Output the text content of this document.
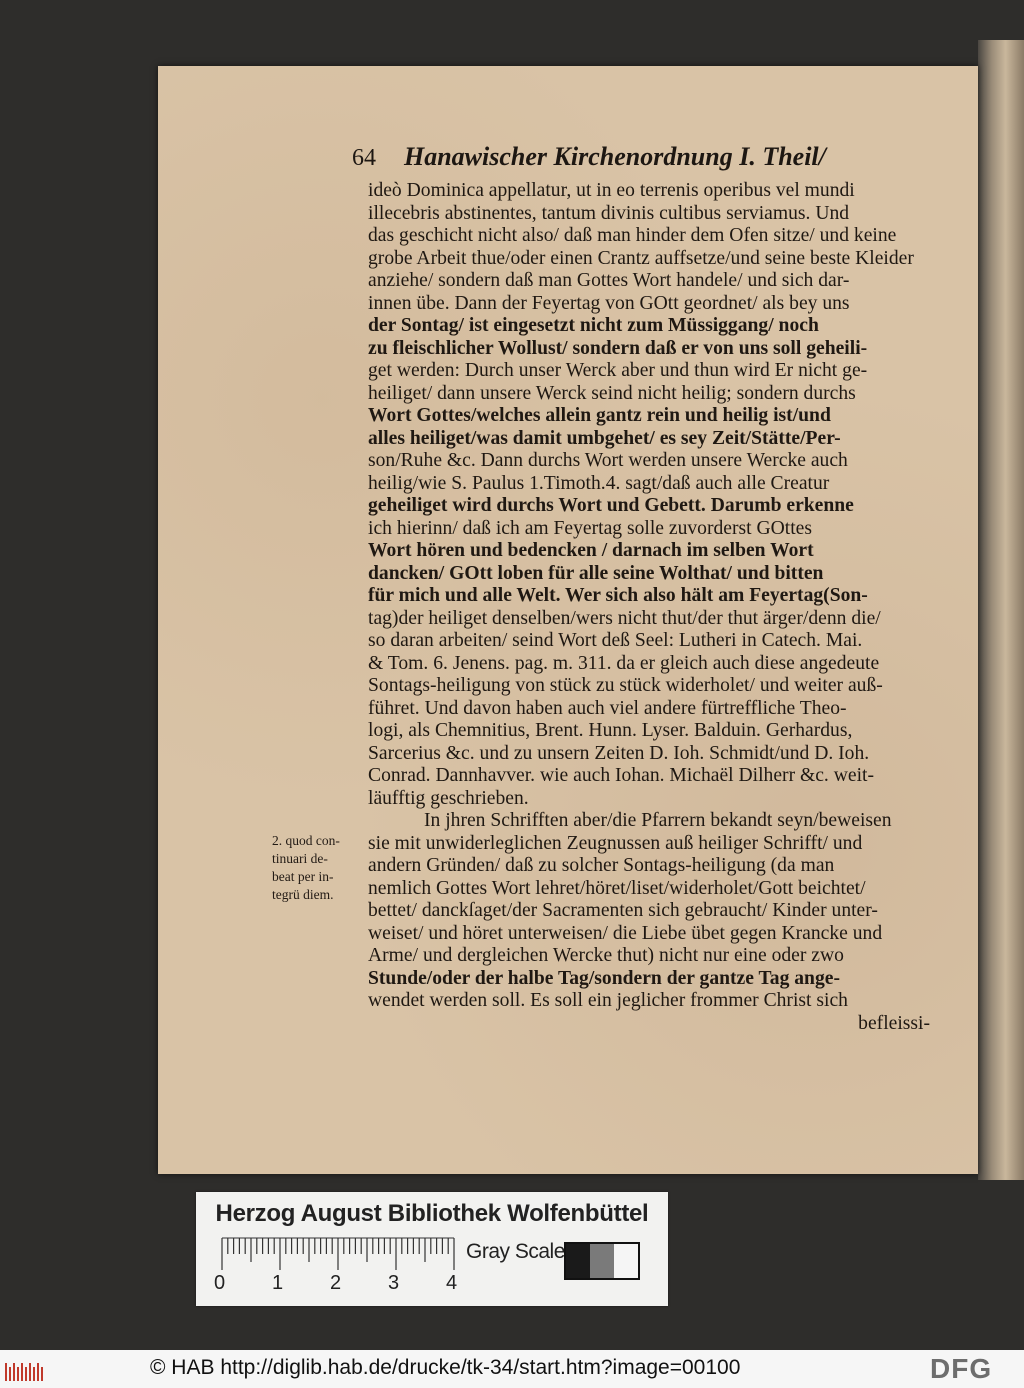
64 Hanawischer Kirchenordnung I. Theil/
ideò Dominica appellatur, ut in eo terrenis operibus vel mundi
illecebris abstinentes, tantum divinis cultibus serviamus. Und
das geschicht nicht also/ daß man hinder dem Ofen sitze/ und keine
grobe Arbeit thue/oder einen Crantz auffsetze/und seine beste Kleider
anziehe/ sondern daß man Gottes Wort handele/ und sich dar-
innen übe. Dann der Feyertag von GOtt geordnet/ als bey uns
der Sontag/ ist eingesetzt nicht zum Müssiggang/ noch
zu fleischlicher Wollust/ sondern daß er von uns soll geheili-
get werden: Durch unser Werck aber und thun wird Er nicht ge-
heiliget/ dann unsere Werck seind nicht heilig; sondern durchs
Wort Gottes/welches allein gantz rein und heilig ist/und
alles heiliget/was damit umbgehet/ es sey Zeit/Stätte/Per-
son/Ruhe &c. Dann durchs Wort werden unsere Wercke auch
heilig/wie S. Paulus 1.Timoth.4. sagt/daß auch alle Creatur
geheiliget wird durchs Wort und Gebett. Darumb erkenne
ich hierinn/ daß ich am Feyertag solle zuvorderst GOttes
Wort hören und bedencken / darnach im selben Wort
dancken/ GOtt loben für alle seine Wolthat/ und bitten
für mich und alle Welt. Wer sich also hält am Feyertag(Son-
tag)der heiliget denselben/wers nicht thut/der thut ärger/denn die/
so daran arbeiten/ seind Wort deß Seel: Lutheri in Catech. Mai.
& Tom. 6. Jenens. pag. m. 311. da er gleich auch diese angedeute
Sontags-heiligung von stück zu stück widerholet/ und weiter auß-
führet. Und davon haben auch viel andere fürtreffliche Theo-
logi, als Chemnitius, Brent. Hunn. Lyser. Balduin. Gerhardus,
Sarcerius &c. und zu unsern Zeiten D. Ioh. Schmidt/und D. Ioh.
Conrad. Dannhavver. wie auch Iohan. Michaël Dilherr &c. weit-
läufftig geschrieben.
In jhren Schrifften aber/die Pfarrern bekandt seyn/beweisen
sie mit unwiderleglichen Zeugnussen auß heiliger Schrifft/ und
andern Gründen/ daß zu solcher Sontags-heiligung (da man
nemlich Gottes Wort lehret/höret/liset/widerholet/Gott beichtet/
bettet/ danckſaget/der Sacramenten sich gebraucht/ Kinder unter-
weiset/ und höret unterweisen/ die Liebe übet gegen Krancke und
Arme/ und dergleichen Wercke thut) nicht nur eine oder zwo
Stunde/oder der halbe Tag/sondern der gantze Tag ange-
wendet werden soll. Es soll ein jeglicher frommer Christ sich
befleissi-
2. quod con-
tinuari de-
beat per in-
tegrü diem.
Herzog August Bibliothek Wolfenbüttel
0 1 2 3 4
Gray Scale
© HAB http://diglib.hab.de/drucke/tk-34/start.htm?image=00100	DFG
